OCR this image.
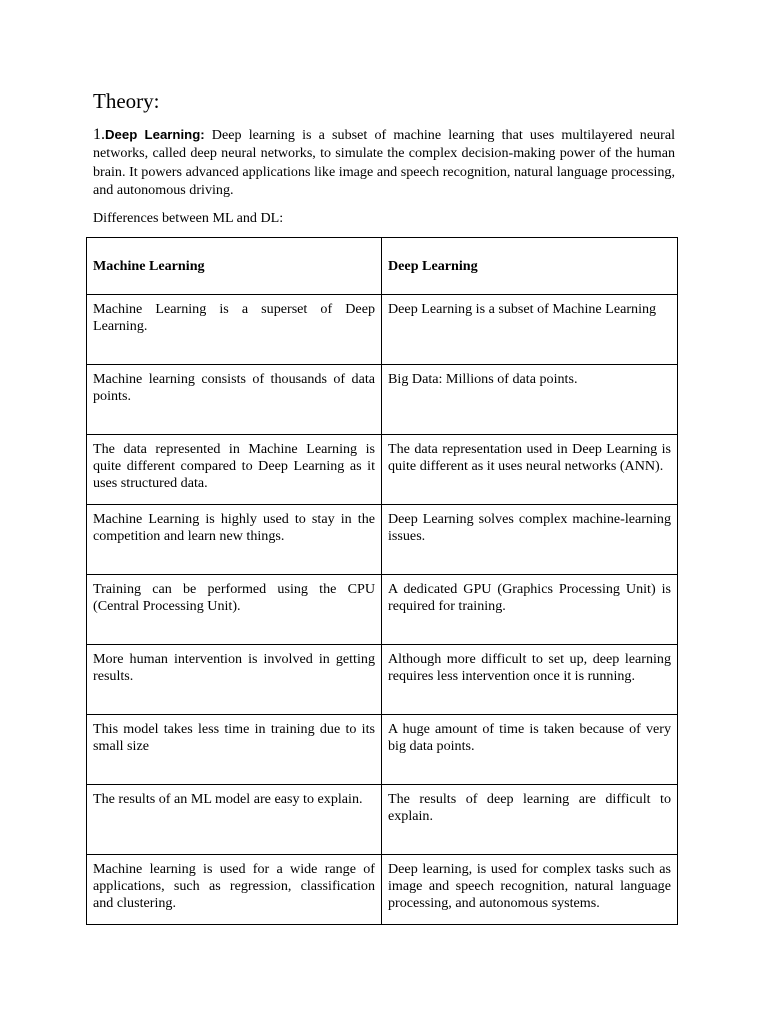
Theory:

1.Deep Learning: Deep learning is a subset of machine learning that uses multilayered neural networks, called deep neural networks, to simulate the complex decision-making power of the human brain. It powers advanced applications like image and speech recognition, natural language processing, and autonomous driving.

Differences between ML and DL:

Machine Learning	Deep Learning
Machine Learning is a superset of Deep Learning.	Deep Learning is a subset of Machine Learning
Machine learning consists of thousands of data points.	Big Data: Millions of data points.
The data represented in Machine Learning is quite different compared to Deep Learning as it uses structured data.	The data representation used in Deep Learning is quite different as it uses neural networks (ANN).
Machine Learning is highly used to stay in the competition and learn new things.	Deep Learning solves complex machine-learning issues.
Training can be performed using the CPU (Central Processing Unit).	A dedicated GPU (Graphics Processing Unit) is required for training.
More human intervention is involved in getting results.	Although more difficult to set up, deep learning requires less intervention once it is running.
This model takes less time in training due to its small size	A huge amount of time is taken because of very big data points.
The results of an ML model are easy to explain.	The results of deep learning are difficult to explain.
Machine learning is used for a wide range of applications, such as regression, classification and clustering.	Deep learning, is used for complex tasks such as image and speech recognition, natural language processing, and autonomous systems.
